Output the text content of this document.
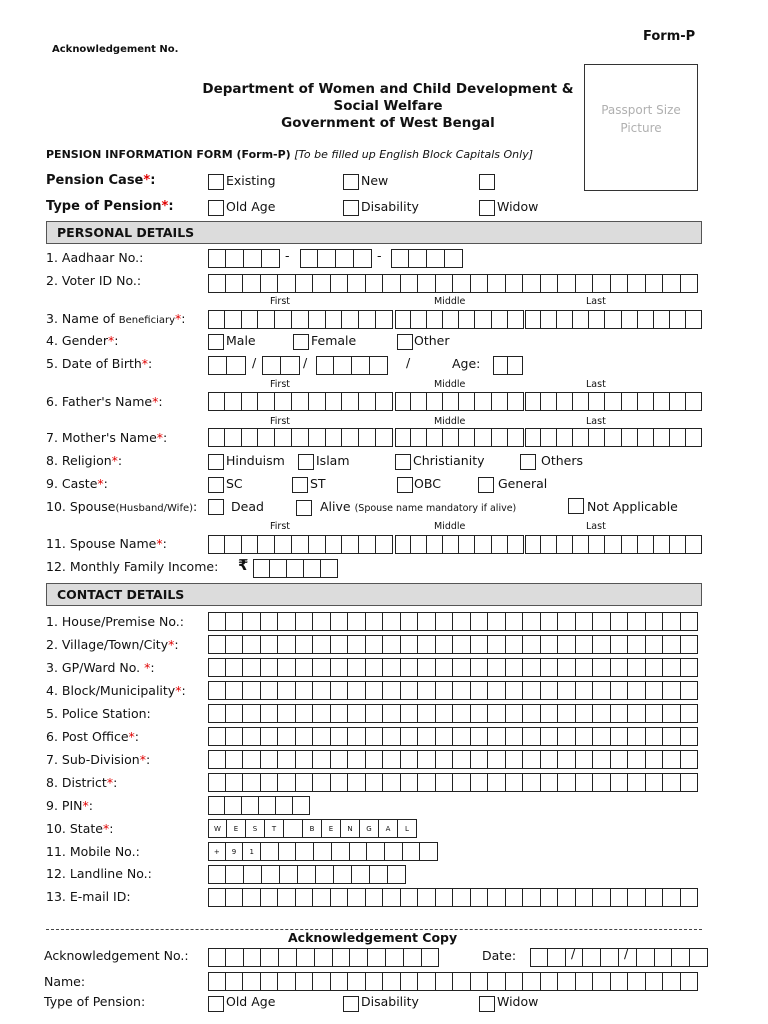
Acknowledgement No.
Form-P
Department of Women and Child Development &
Social Welfare
Government of West Bengal
Passport Size
Picture
PENSION INFORMATION FORM (Form-P) [To be filled up English Block Capitals Only]
Pension Case*:	Existing	New
Type of Pension*:	Old Age	Disability	Widow
PERSONAL DETAILS
1. Aadhaar No.:	-	-
2. Voter ID No.:
First	Middle	Last
3. Name of Beneficiary*:
4. Gender*:	Male	Female	Other
5. Date of Birth*:	/	/	/	Age:
First	Middle	Last
6. Father's Name*:
First	Middle	Last
7. Mother's Name*:
8. Religion*:	Hinduism Islam	Christianity	Others
9. Caste*:	SC	ST	OBC	General
10. Spouse(Husband/Wife):	Dead	Alive (Spouse name mandatory if alive)	Not Applicable
First	Middle	Last
11. Spouse Name*:
12. Monthly Family Income: ₹
CONTACT DETAILS
1. House/Premise No.:
2. Village/Town/City*:
3. GP/Ward No. *:
4. Block/Municipality*:
5. Police Station:
6. Post Office*:
7. Sub-Division*:
8. District*:
9. PIN*:
10. State*:	W	E	S	T	B	E	N	G	A	L
11. Mobile No.:	+	9	1
12. Landline No.:
13. E-mail ID:
Acknowledgement Copy
Acknowledgement No.:	Date:	/	/
Name:
Type of Pension:	Old Age	Disability	Widow
